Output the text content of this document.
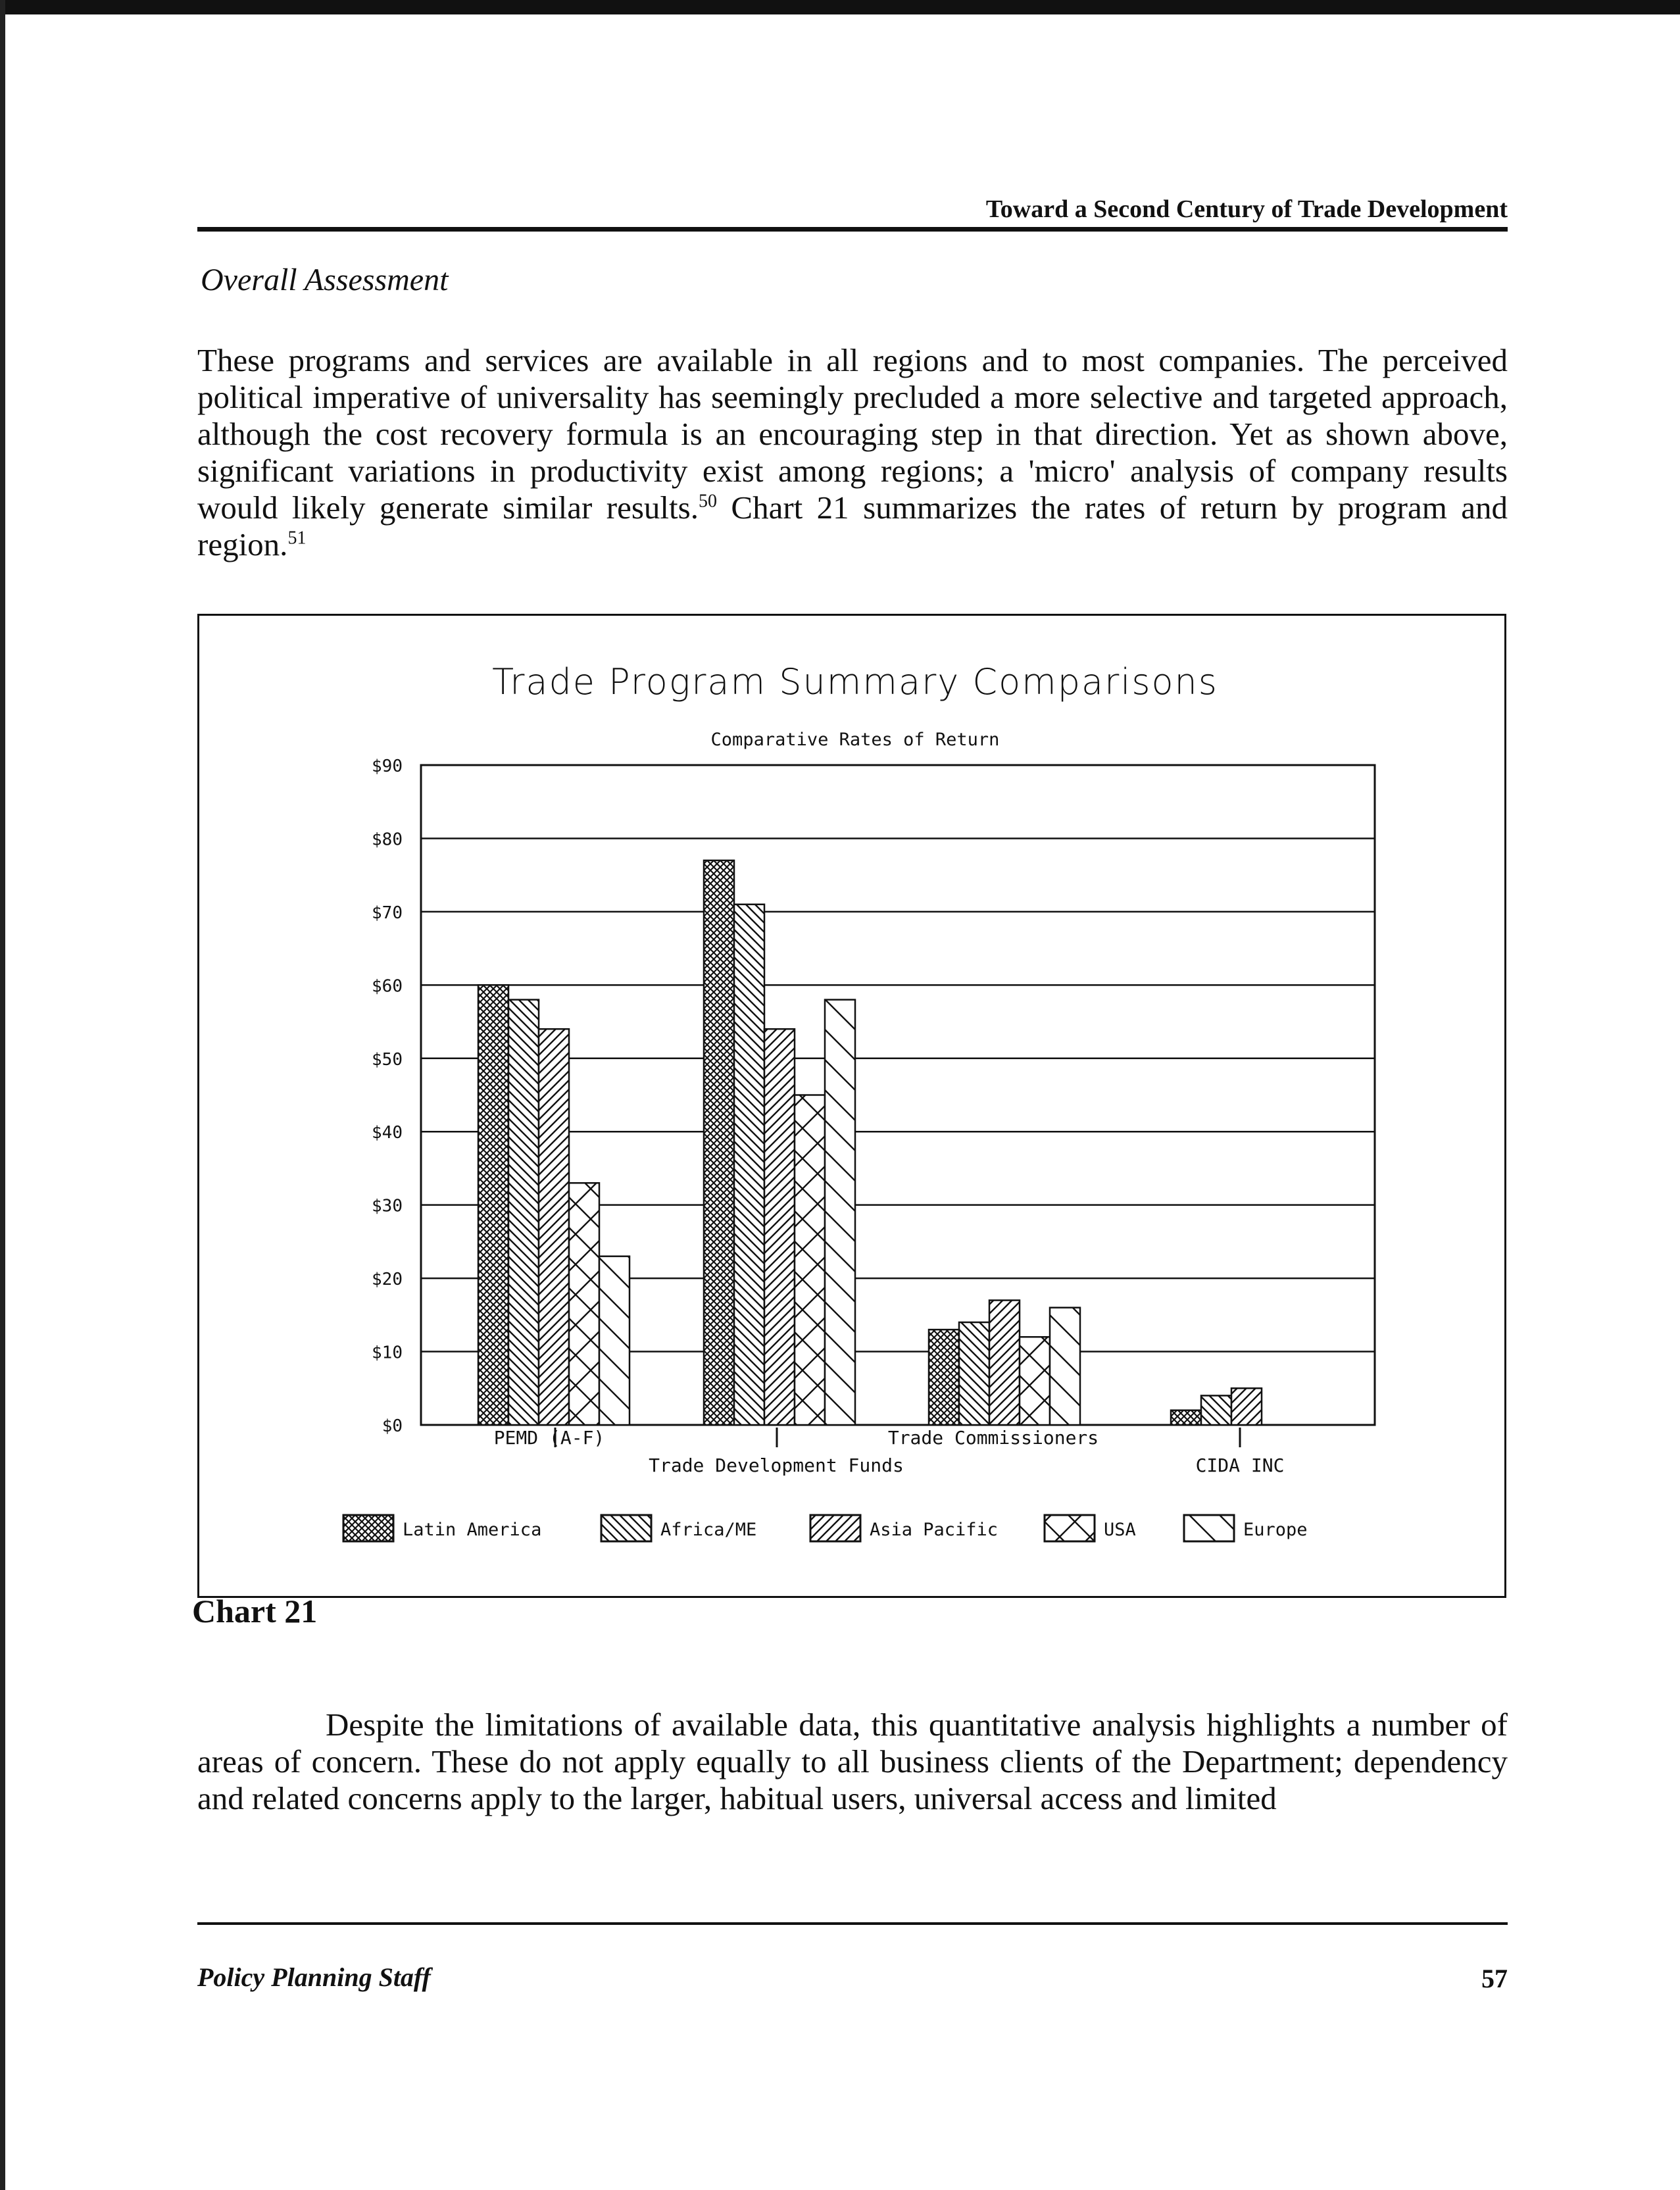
Toward a Second Century of Trade Development
Overall Assessment

These programs and services are available in all regions and to most companies. The perceived political imperative of universality has seemingly precluded a more selective and targeted approach, although the cost recovery formula is an encouraging step in that direction. Yet as shown above, significant variations in productivity exist among regions; a 'micro' analysis of company results would likely generate similar results.$^{50}$ Chart 21 summarizes the rates of return by program and region.$^{51}$

Trade Program Summary Comparisons
Comparative Rates of Return
$0
$10
$20
$30
$40
$50
$60
$70
$80
$90
PEMD (A-F)
Trade Development Funds
Trade Commissioners
CIDA INC
Latin America	Africa/ME	Asia Pacific	USA	Europe
Chart 21

Despite the limitations of available data, this quantitative analysis highlights a number of areas of concern. These do not apply equally to all business clients of the Department; dependency and related concerns apply to the larger, habitual users, universal access and limited

Policy Planning Staff	57
